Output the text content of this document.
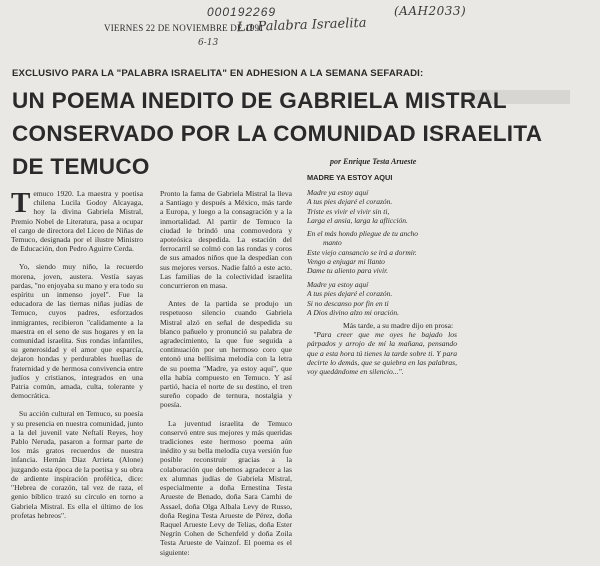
VIERNES 22 DE NOVIEMBRE DE 1991
000192269
6-13
La Palabra Israelita
(AAH2033)
EXCLUSIVO PARA LA "PALABRA ISRAELITA" EN ADHESION A LA SEMANA SEFARADI:
UN POEMA INEDITO DE GABRIELA MISTRAL
CONSERVADO POR LA COMUNIDAD ISRAELITA
DE TEMUCO	por Enrique Testa Arueste

Temuco 1920. La maestra y poetisa chilena Lucila Godoy Alcayaga, hoy la divina Gabriela Mistral, Premio Nobel de Literatura, pasa a ocupar el cargo de directora del Liceo de Niñas de Temuco, designada por el ilustre Ministro de Educación, don Pedro Aguirre Cerda.

Yo, siendo muy niño, la recuerdo morena, joven, austera. Vestía sayas pardas, "no enjoyaba su mano y era todo su espíritu un inmenso joyel". Fue la educadora de las tiernas niñas judías de Temuco, cuyos padres, esforzados inmigrantes, recibieron "calidamente a la maestra en el seno de sus hogares y en la comunidad israelita. Sus rondas infantiles, su generosidad y el amor que esparcía, dejaron hondas y perdurables huellas de fraternidad y de hermosa convivencia entre judíos y cristianos, integrados en una Patria común, amada, culta, tolerante y democrática.

Su acción cultural en Temuco, su poesía y su presencia en nuestra comunidad, junto a la del juvenil vate Neftalí Reyes, hoy Pablo Neruda, pasaron a formar parte de los más gratos recuerdos de nuestra infancia. Hernán Díaz Arrieta (Alone) juzgando esta época de la poetisa y su obra de ardiente inspiración profética, dice: "Hebrea de corazón, tal vez de raza, el genio bíblico trazó su círculo en torno a Gabriela Mistral. Es ella el último de los profetas hebreos".

Pronto la fama de Gabriela Mistral la lleva a Santiago y después a México, más tarde a Europa, y luego a la consagración y a la inmortalidad. Al partir de Temuco la ciudad le brindó una conmovedora y apoteósica despedida. La estación del ferrocarril se colmó con las rondas y coros de sus amados niños que la despedían con sus mejores versos. Nadie faltó a este acto. Las familias de la colectividad israelita concurrieron en masa.

Antes de la partida se produjo un respetuoso silencio cuando Gabriela Mistral alzó en señal de despedida su blanco pañuelo y pronunció su palabra de agradecimiento, la que fue seguida a continuación por un hermoso coro que entonó una bellísima melodía con la letra de su poema "Madre, ya estoy aquí", que ella había compuesto en Temuco. Y así partió, hacia el norte de su destino, el tren sureño copado de ternura, nostalgia y poesía.

La juventud israelita de Temuco conservó entre sus mejores y más queridas tradiciones este hermoso poema aún inédito y su bella melodía cuya versión fue posible reconstruir gracias a la colaboración que debemos agradecer a las ex alumnas judías de Gabriela Mistral, especialmente a doña Ernestina Testa Arueste de Benado, doña Sara Camhi de Assael, doña Olga Albala Levy de Russo, doña Regina Testa Arueste de Pérez, doña Raquel Arueste Levy de Telias, doña Ester Negrín Cohen de Schenfeld y doña Zoila Testa Arueste de Vainzof. El poema es el siguiente:

MADRE YA ESTOY AQUI
Madre ya estoy aquí
A tus pies dejaré el corazón.
Triste es vivir el vivir sin ti,
Larga el ansia, larga la aflicción.
En el más hondo pliegue de tu ancho
manto
Este viejo cansancio se irá a dormir.
Vengo a enjugar mi llanto
Dame tu aliento para vivir.
Madre ya estoy aquí
A tus pies dejaré el corazón.
Si no descanso por fin en ti
A Dios divino alzo mi oración.

Más tarde, a su madre dijo en prosa:

"Para creer que me oyes he bajado los párpados y arrojo de mí la mañana, pensando que a esta hora tú tienes la tarde sobre ti. Y para decirte lo demás, que se quiebra en las palabras, voy quedándome en silencio...".
